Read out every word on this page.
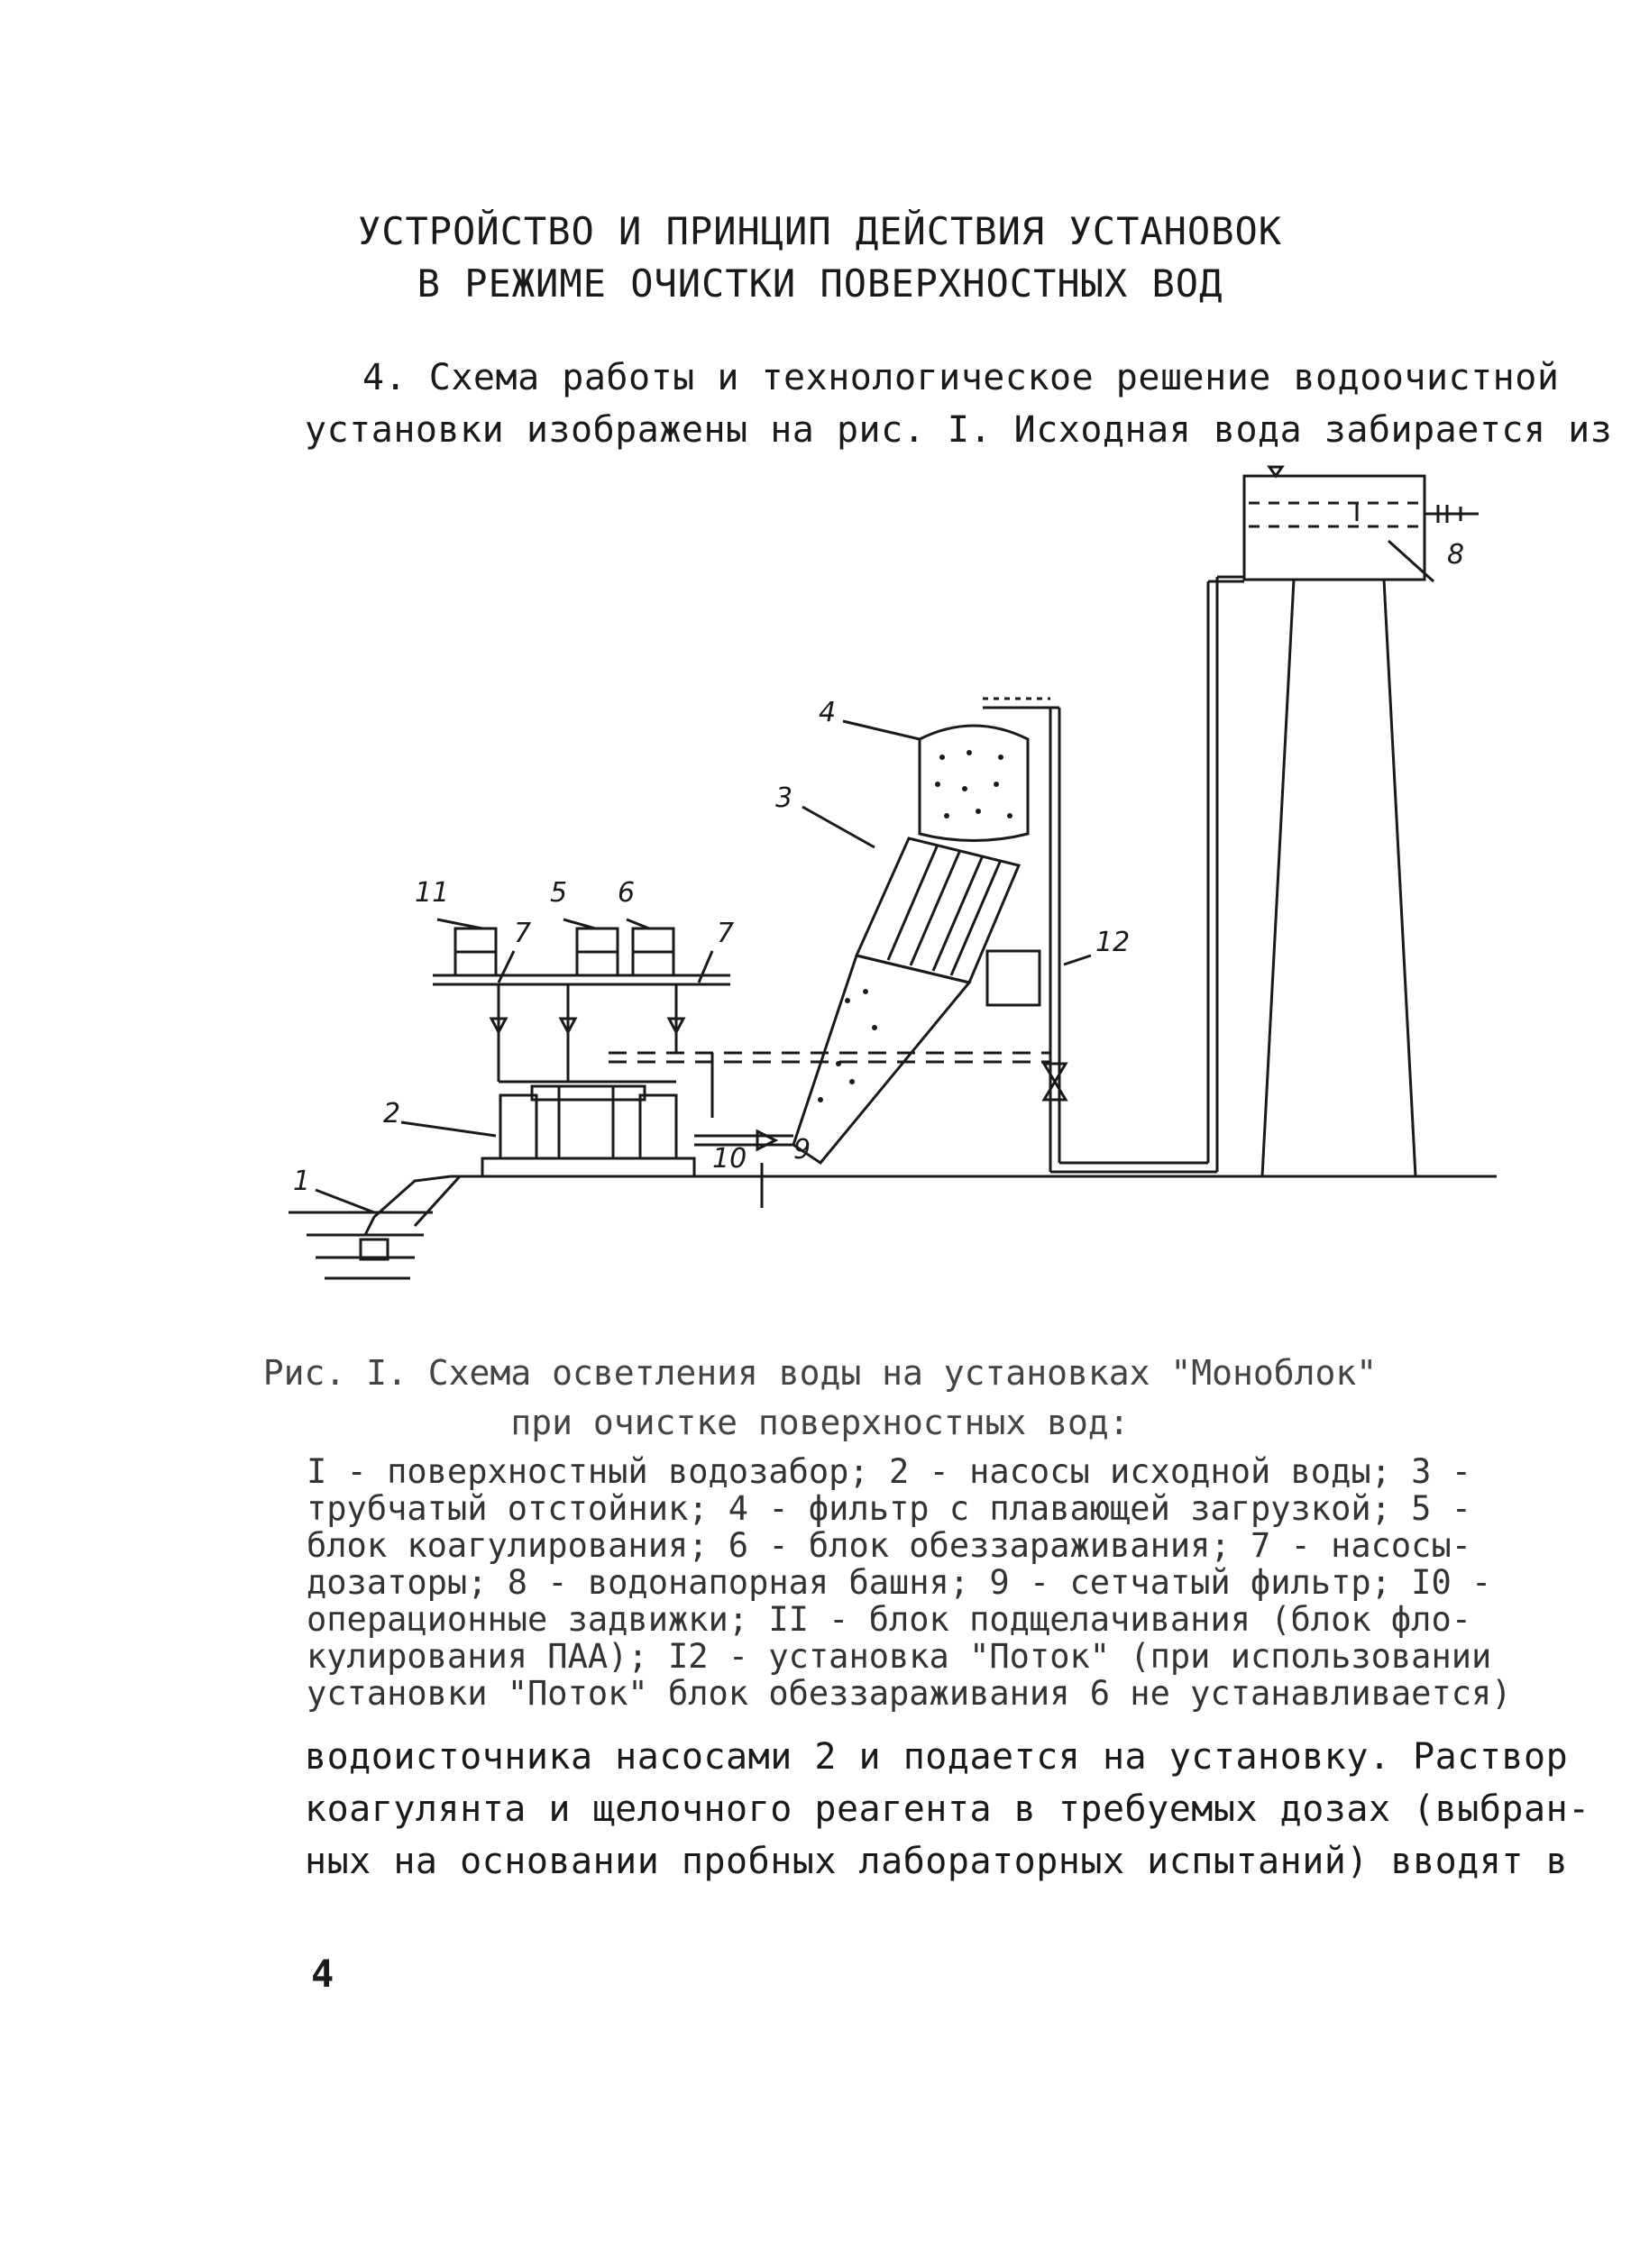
УСТРОЙСТВО И ПРИНЦИП ДЕЙСТВИЯ УСТАНОВОК
В РЕЖИМЕ ОЧИСТКИ ПОВЕРХНОСТНЫХ ВОД
4. Схема работы и технологическое решение водоочистной
установки изображены на рис. I. Исходная вода забирается из
4
3
11	5 6
7	7	12
8
9
10
2
1
Рис. I. Схема осветления воды на установках "Моноблок"
при очистке поверхностных вод:
I - поверхностный водозабор; 2 - насосы исходной воды; 3 -
трубчатый отстойник; 4 - фильтр с плавающей загрузкой; 5 -
блок коагулирования; 6 - блок обеззараживания; 7 - насосы-
дозаторы; 8 - водонапорная башня; 9 - сетчатый фильтр; I0 -
операционные задвижки; II - блок подщелачивания (блок фло-
кулирования ПАА); I2 - установка "Поток" (при использовании
установки "Поток" блок обеззараживания 6 не устанавливается)
водоисточника насосами 2 и подается на установку. Раствор
коагулянта и щелочного реагента в требуемых дозах (выбран-
ных на основании пробных лабораторных испытаний) вводят в
4
